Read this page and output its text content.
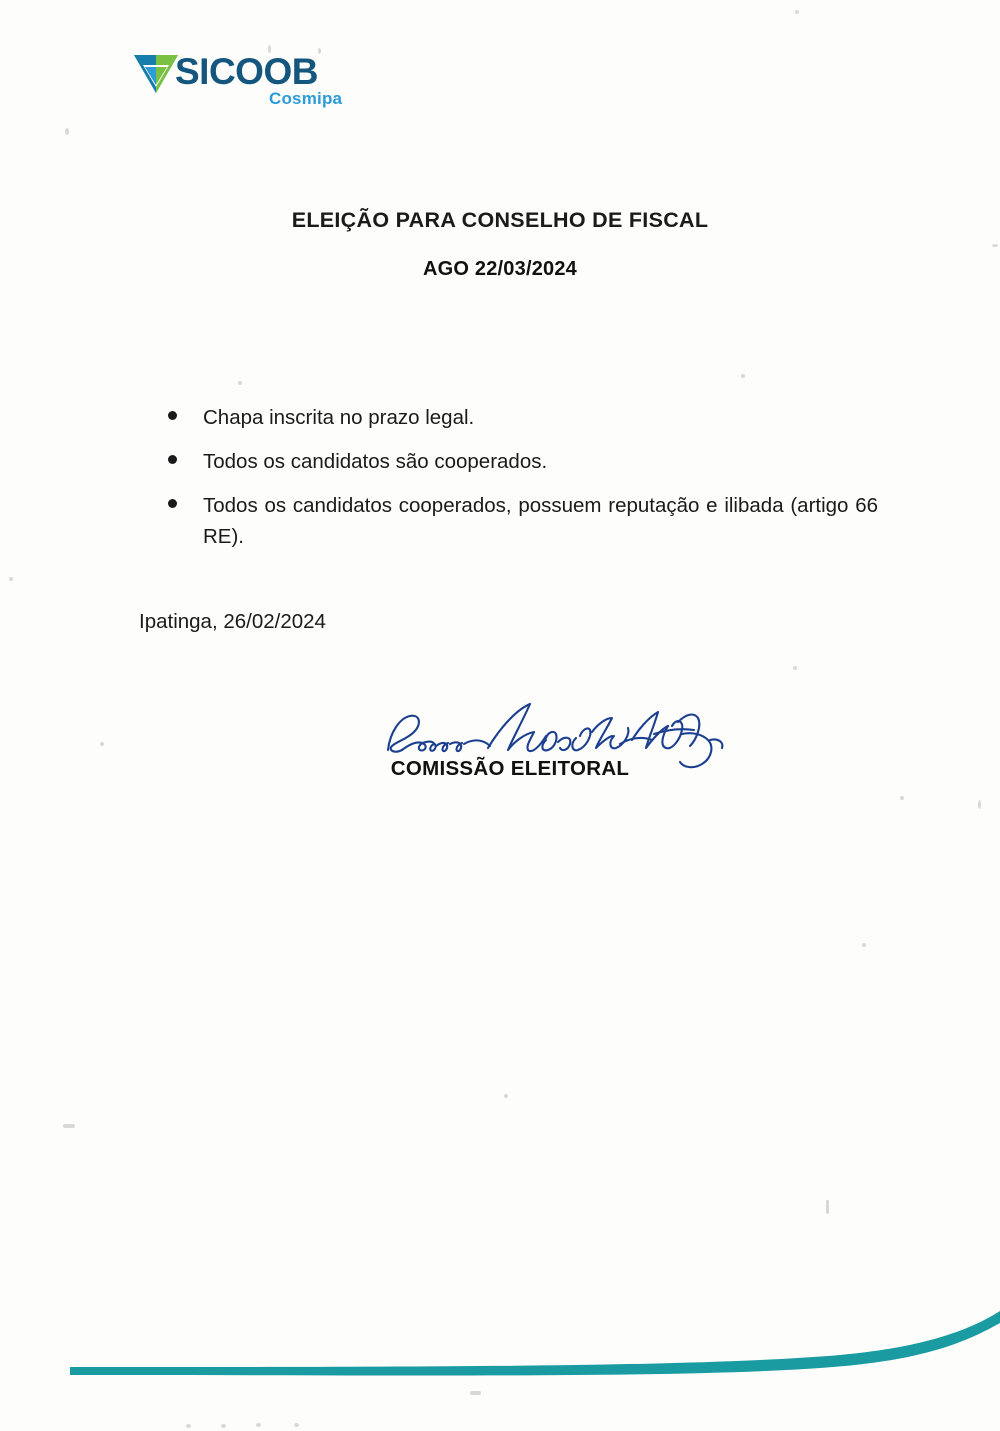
SICOOB
Cosmipa
ELEIÇÃO PARA CONSELHO DE FISCAL
AGO 22/03/2024
Chapa inscrita no prazo legal.
Todos os candidatos são cooperados.
Todos os candidatos cooperados, possuem reputação e ilibada (artigo 66 RE).
Ipatinga, 26/02/2024
COMISSÃO ELEITORAL
